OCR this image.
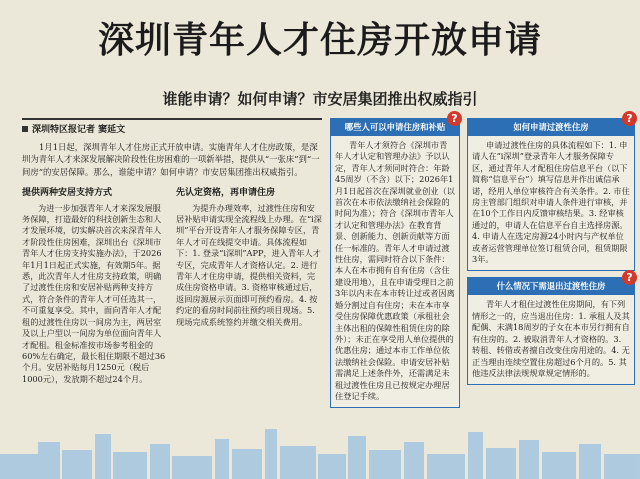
深圳青年人才住房开放申请
谁能申请？如何申请？市安居集团推出权威指引
深圳特区报记者 窦延文
1月1日起，深圳青年人才住房正式开放申请。实施青年人才住房政策，是深圳为青年人才来深发展解决阶段性住房困难的一项新举措，提供从“一张床”到“一间房”的安居保障。那么，谁能申请？如何申请？市安居集团推出权威指引。
提供两种安居支持方式

为进一步加强青年人才来深发展服务保障，打造最好的科技创新生态和人才发展环境，切实解决首次来深青年人才阶段性住房困难，深圳出台《深圳市青年人才住房支持实施办法》，于2026年1月1日起正式实施，有效期5年。据悉，此次青年人才住房支持政策，明确了过渡性住房和安居补贴两种支持方式，符合条件的青年人才可任选其一，不可重复享受。其中，面向青年人才配租的过渡性住房以一间房为主，两居室及以上户型以一间房为单位面向青年人才配租。租金标准按市场参考租金的60%左右确定，最长租住期限不超过36个月。安居补贴每月1250元（税后1000元），发放期不超过24个月。

先认定资格，再申请住房

为提升办理效率，过渡性住房和安居补贴申请实现全流程线上办理。在“i深圳”平台开设青年人才服务保障专区，青年人才可在线提交申请。具体流程如下：1. 登录“i深圳”APP，进入青年人才专区，完成青年人才资格认定。2. 进行青年人才住房申请，提供相关资料，完成住房资格申请。3. 资格审核通过后，返回房源展示页面即可预约看房。4. 按约定的看房时间前往预约项目现场。5. 现场完成系统签约并缴交相关费用。

哪些人可以申请住房和补贴
?

青年人才须符合《深圳市青年人才认定和管理办法》予以认定，青年人才须同时符合：年龄45周岁（不含）以下；2026年1月1日起首次在深圳就业创业（以首次在本市依法缴纳社会保险的时间为准）；符合《深圳市青年人才认定和管理办法》在教育背景、创新能力、创新贡献等方面任一标准的。青年人才申请过渡性住房，需同时符合以下条件：本人在本市拥有自有住房（含住建设用地），且在申请受理日之前3年以内未在本市转让过或者因离婚分割过自有住房；未在本市享受住房保障优惠政策（承租社会主体出租的保障性租赁住房的除外）；未正在享受用人单位提供的优惠住房；通过本市工作单位依法缴纳社会保险。申请安居补贴需满足上述条件外，还需满足未租过渡性住房且已按规定办理居住登记手续。

如何申请过渡性住房
?

申请过渡性住房的具体流程如下：1. 申请人在“i深圳”登录青年人才服务保障专区，通过青年人才配租住房信息平台（以下简称“信息平台”）填写信息并作出诚信承诺，经用人单位审核符合有关条件。2. 市住房主管部门组织对申请人条件进行审核，并在10个工作日内反馈审核结果。3. 经审核通过的，申请人在信息平台自主选择房源。4. 申请人在选定房源24小时内与产权单位或者运营管理单位签订租赁合同，租赁期限3年。

什么情况下需退出过渡性住房
?

青年人才租住过渡性住房期间，有下列情形之一的，应当退出住房：1. 承租人及其配偶、未满18周岁的子女在本市另行拥有自有住房的。2. 被取消青年人才资格的。3. 转租、转借或者擅自改变住房用途的。4. 无正当理由连续空置住房超过6个月的。5. 其他违反法律法规规章规定情形的。
